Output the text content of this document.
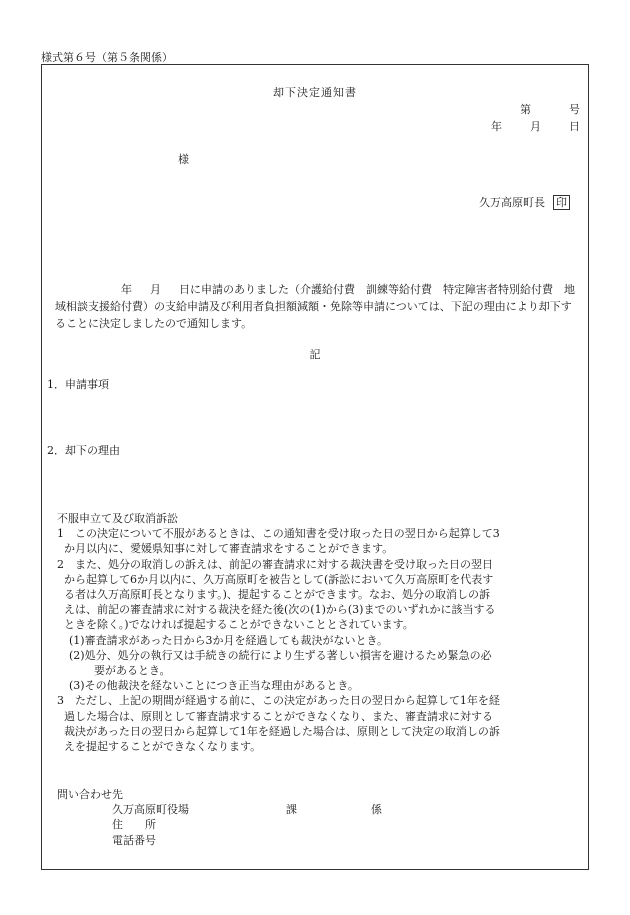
様式第６号（第５条関係）
却下決定通知書
第	号
年	月	日
様
久万高原町長 印
年 月 日に申請のありました（介護給付費　訓練等給付費　特定障害者特別給付費　地域相談支援給付費）の支給申請及び利用者負担額減額・免除等申請については、下記の理由により却下することに決定しましたので通知します。
記
1．申請事項
2．却下の理由
不服申立て及び取消訴訟
1　この決定について不服があるときは、この通知書を受け取った日の翌日から起算して3
か月以内に、愛媛県知事に対して審査請求をすることができます。
2　また、処分の取消しの訴えは、前記の審査請求に対する裁決書を受け取った日の翌日
から起算して6か月以内に、久万高原町を被告として(訴訟において久万高原町を代表す
る者は久万高原町長となります。)、提起することができます。なお、処分の取消しの訴
えは、前記の審査請求に対する裁決を経た後(次の(1)から(3)までのいずれかに該当する
ときを除く。)でなければ提起することができないこととされています。
(1)審査請求があった日から3か月を経過しても裁決がないとき。
(2)処分、処分の執行又は手続きの続行により生ずる著しい損害を避けるため緊急の必
要があるとき。
(3)その他裁決を経ないことにつき正当な理由があるとき。
3　ただし、上記の期間が経過する前に、この決定があった日の翌日から起算して1年を経
過した場合は、原則として審査請求することができなくなり、また、審査請求に対する
裁決があった日の翌日から起算して1年を経過した場合は、原則として決定の取消しの訴
えを提起することができなくなります。
問い合わせ先
久万高原町役場	課	係
住　　所
電話番号
